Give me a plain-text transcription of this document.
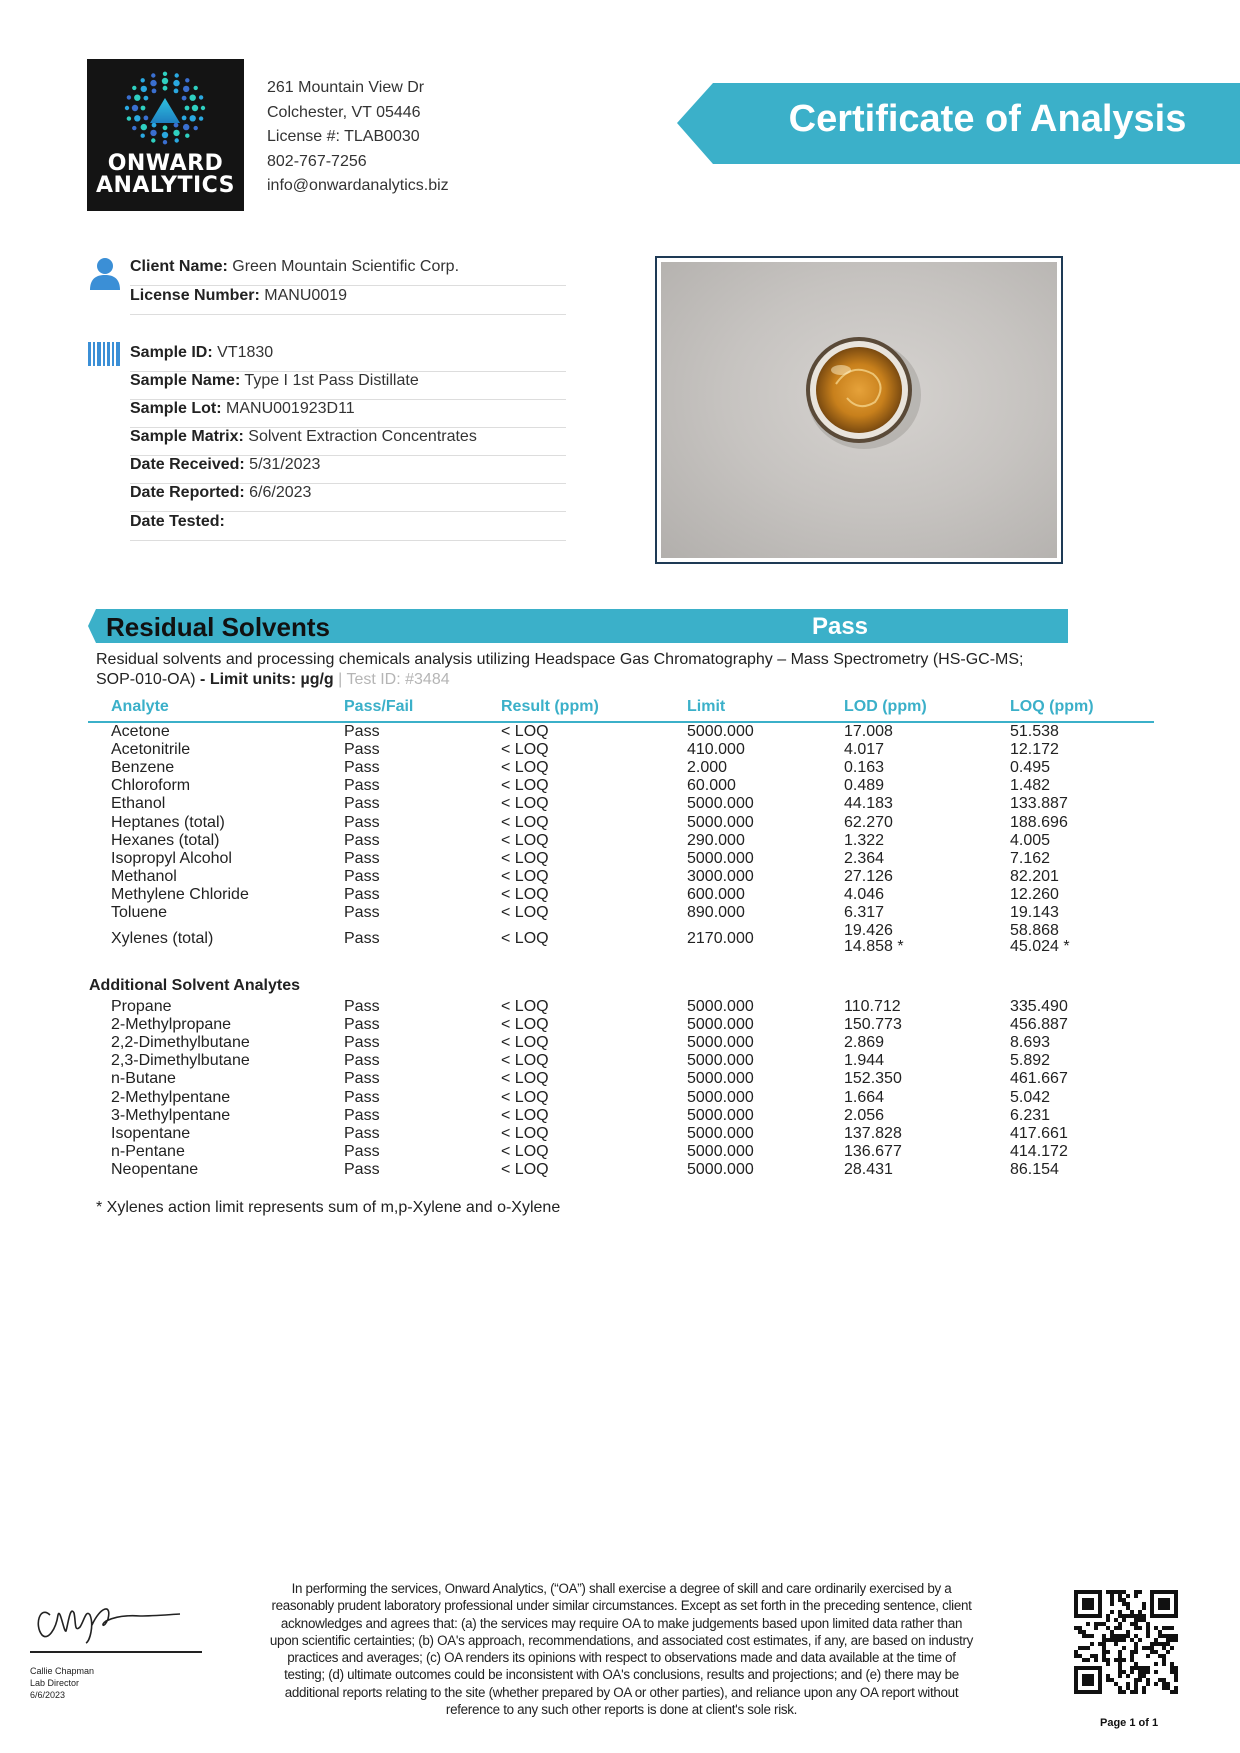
ONWARD
ANALYTICS
261 Mountain View Dr
Colchester, VT 05446
License #: TLAB0030
802-767-7256
info@onwardanalytics.biz
Certificate of Analysis
Client Name: Green Mountain Scientific Corp.
License Number: MANU0019
Sample ID: VT1830
Sample Name: Type I 1st Pass Distillate
Sample Lot: MANU001923D11
Sample Matrix: Solvent Extraction Concentrates
Date Received: 5/31/2023
Date Reported: 6/6/2023
Date Tested:
Residual Solvents	Pass
Residual solvents and processing chemicals analysis utilizing Headspace Gas Chromatography – Mass Spectrometry (HS-GC-MS;
SOP-010-OA) - Limit units: µg/g | Test ID: #3484
Analyte	Pass/Fail	Result (ppm)	Limit	LOD (ppm)	LOQ (ppm)
Acetone	Pass	< LOQ	5000.000	17.008	51.538
Acetonitrile	Pass	< LOQ	410.000	4.017	12.172
Benzene	Pass	< LOQ	2.000	0.163	0.495
Chloroform	Pass	< LOQ	60.000	0.489	1.482
Ethanol	Pass	< LOQ	5000.000	44.183	133.887
Heptanes (total)	Pass	< LOQ	5000.000	62.270	188.696
Hexanes (total)	Pass	< LOQ	290.000	1.322	4.005
Isopropyl Alcohol	Pass	< LOQ	5000.000	2.364	7.162
Methanol	Pass	< LOQ	3000.000	27.126	82.201
Methylene Chloride	Pass	< LOQ	600.000	4.046	12.260
Toluene	Pass	< LOQ	890.000	6.317	19.143
Xylenes (total)	Pass	< LOQ	2170.000	19.426	58.868
14.858 *	45.024 *
Additional Solvent Analytes
Propane	Pass	< LOQ	5000.000	110.712	335.490
2-Methylpropane	Pass	< LOQ	5000.000	150.773	456.887
2,2-Dimethylbutane	Pass	< LOQ	5000.000	2.869	8.693
2,3-Dimethylbutane	Pass	< LOQ	5000.000	1.944	5.892
n-Butane	Pass	< LOQ	5000.000	152.350	461.667
2-Methylpentane	Pass	< LOQ	5000.000	1.664	5.042
3-Methylpentane	Pass	< LOQ	5000.000	2.056	6.231
Isopentane	Pass	< LOQ	5000.000	137.828	417.661
n-Pentane	Pass	< LOQ	5000.000	136.677	414.172
Neopentane	Pass	< LOQ	5000.000	28.431	86.154
* Xylenes action limit represents sum of m,p-Xylene and o-Xylene
Callie Chapman
Lab Director
6/6/2023
In performing the services, Onward Analytics, (“OA”) shall exercise a degree of skill and care ordinarily exercised by a
reasonably prudent laboratory professional under similar circumstances. Except as set forth in the preceding sentence, client
acknowledges and agrees that: (a) the services may require OA to make judgements based upon limited data rather than
upon scientific certainties; (b) OA's approach, recommendations, and associated cost estimates, if any, are based on industry
practices and averages; (c) OA renders its opinions with respect to observations made and data available at the time of
testing; (d) ultimate outcomes could be inconsistent with OA's conclusions, results and projections; and (e) there may be
additional reports relating to the site (whether prepared by OA or other parties), and reliance upon any OA report without
reference to any such other reports is done at client's sole risk.
Page 1 of 1
